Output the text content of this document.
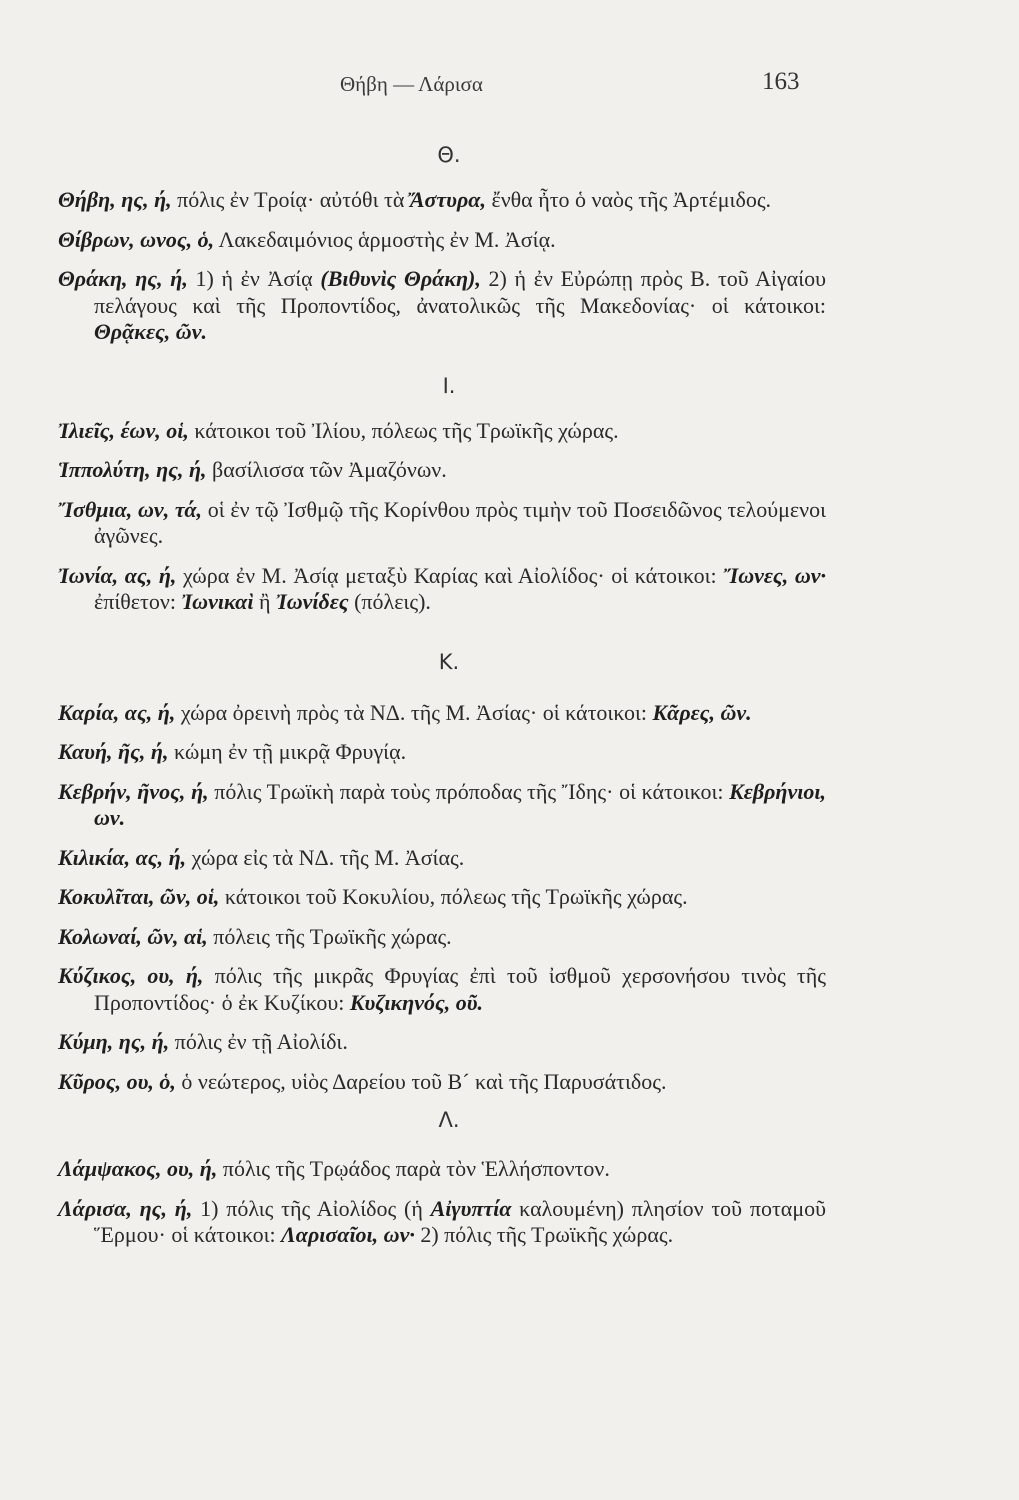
Θήβη — Λάρισα	163
Θ.

Θήβη, ης, ή, πόλις ἐν Τροίᾳ· αὐτόθι τὰ Ἄστυρα, ἔνθα ἦτο ὁ ναὸς τῆς Ἀρτέμιδος.

Θίβρων, ωνος, ὁ, Λακεδαιμόνιος ἁρμοστὴς ἐν Μ. Ἀσίᾳ.

Θράκη, ης, ή, 1) ἡ ἐν Ἀσίᾳ (Βιθυνὶς Θράκη), 2) ἡ ἐν Εὐρώπῃ πρὸς Β. τοῦ Αἰγαίου πελάγους καὶ τῆς Προποντίδος, ἀνατολικῶς τῆς Μακεδονίας· οἱ κάτοικοι: Θρᾷκες, ῶν.

Ι.

Ἰλιεῖς, έων, οἱ, κάτοικοι τοῦ Ἰλίου, πόλεως τῆς Τρωϊκῆς χώρας.

Ἱππολύτη, ης, ή, βασίλισσα τῶν Ἀμαζόνων.

Ἴσθμια, ων, τά, οἱ ἐν τῷ Ἰσθμῷ τῆς Κορίνθου πρὸς τιμὴν τοῦ Ποσειδῶνος τελούμενοι ἀγῶνες.

Ἰωνία, ας, ή, χώρα ἐν Μ. Ἀσίᾳ μεταξὺ Καρίας καὶ Αἰολίδος· οἱ κάτοικοι: Ἴωνες, ων· ἐπίθετον: Ἰωνικαὶ ἢ Ἰωνίδες (πόλεις).

Κ.

Καρία, ας, ή, χώρα ὀρεινὴ πρὸς τὰ ΝΔ. τῆς Μ. Ἀσίας· οἱ κάτοικοι: Κᾶρες, ῶν.

Καυή, ῆς, ή, κώμη ἐν τῇ μικρᾷ Φρυγίᾳ.

Κεβρήν, ῆνος, ή, πόλις Τρωϊκὴ παρὰ τοὺς πρόποδας τῆς Ἴδης· οἱ κάτοικοι: Κεβρήνιοι, ων.

Κιλικία, ας, ή, χώρα εἰς τὰ ΝΔ. τῆς Μ. Ἀσίας.

Κοκυλῖται, ῶν, οἱ, κάτοικοι τοῦ Κοκυλίου, πόλεως τῆς Τρωϊκῆς χώρας.

Κολωναί, ῶν, αἱ, πόλεις τῆς Τρωϊκῆς χώρας.

Κύζικος, ου, ή, πόλις τῆς μικρᾶς Φρυγίας ἐπὶ τοῦ ἰσθμοῦ χερσονήσου τινὸς τῆς Προποντίδος· ὁ ἐκ Κυζίκου: Κυζικηνός, οῦ.

Κύμη, ης, ή, πόλις ἐν τῇ Αἰολίδι.

Κῦρος, ου, ὁ, ὁ νεώτερος, υἱὸς Δαρείου τοῦ Β´ καὶ τῆς Παρυσάτιδος.

Λ.

Λάμψακος, ου, ή, πόλις τῆς Τρῳάδος παρὰ τὸν Ἑλλήσποντον.

Λάρισα, ης, ή, 1) πόλις τῆς Αἰολίδος (ἡ Αἰγυπτία καλουμένη) πλησίον τοῦ ποταμοῦ Ἕρμου· οἱ κάτοικοι: Λαρισαῖοι, ων· 2) πόλις τῆς Τρωϊκῆς χώρας.
